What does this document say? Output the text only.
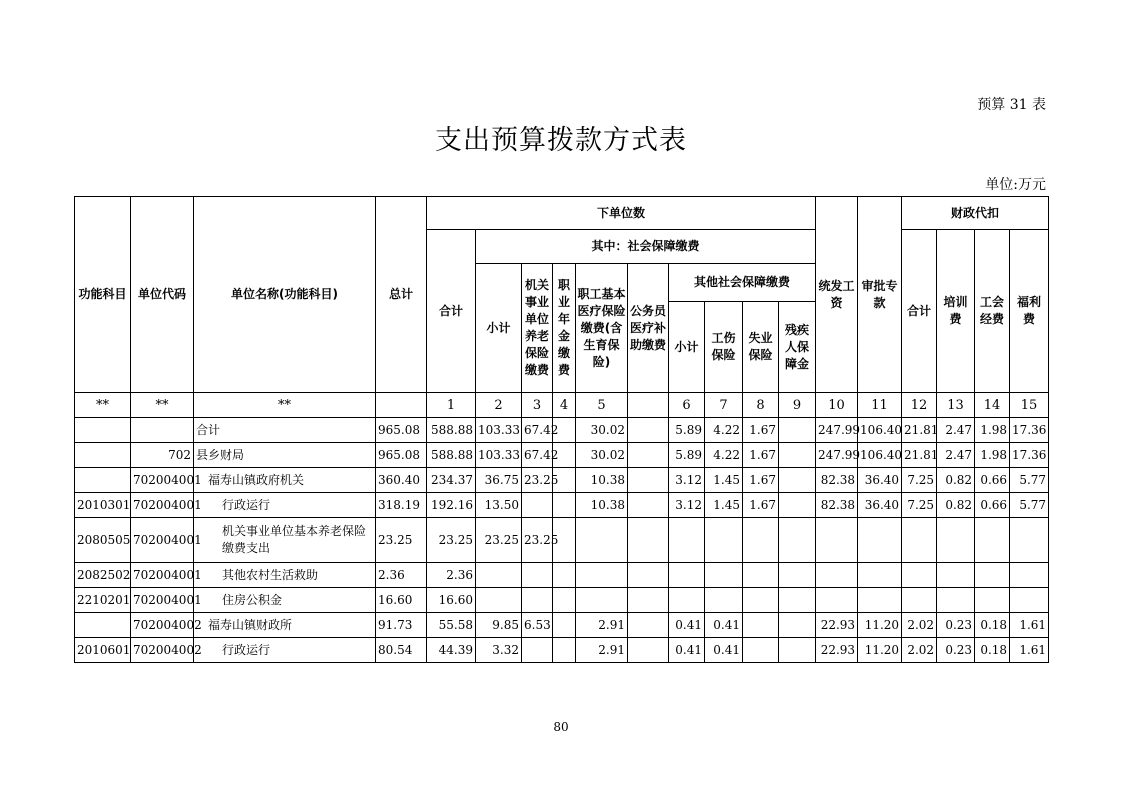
预算 31 表
支出预算拨款方式表
单位:万元
功能科目	单位代码	单位名称(功能科目)	总计	下单位数										统发工资	审批专款	财政代扣			
				合计	其中：社会保障缴费											合计	培训费	工会经费	福利费
					小计	机关事业单位养老保险缴费	职业年金缴费	职工基本医疗保险缴费(含生育保险)	公务员医疗补助缴费	其他社会保障缴费									
										小计	工伤保险	失业保险	残疾人保障金						

**	**	**		1	2	3	4	5		6	7	8	9	10	11	12	13	14	15
		合计	965.08	588.88	103.33	67.42		30.02		5.89	4.22	1.67		247.99	106.40	21.81	2.47	1.98	17.36
	702	县乡财局	965.08	588.88	103.33	67.42		30.02		5.89	4.22	1.67		247.99	106.40	21.81	2.47	1.98	17.36
	702004001	福寿山镇政府机关	360.40	234.37	36.75	23.25		10.38		3.12	1.45	1.67		82.38	36.40	7.25	0.82	0.66	5.77
2010301	702004001	行政运行	318.19	192.16	13.50			10.38		3.12	1.45	1.67		82.38	36.40	7.25	0.82	0.66	5.77
2080505	702004001	机关事业单位基本养老保险缴费支出	23.25	23.25	23.25	23.25													
2082502	702004001	其他农村生活救助	2.36	2.36															
2210201	702004001	住房公积金	16.60	16.60															
	702004002	福寿山镇财政所	91.73	55.58	9.85	6.53		2.91		0.41	0.41			22.93	11.20	2.02	0.23	0.18	1.61
2010601	702004002	行政运行	80.54	44.39	3.32			2.91		0.41	0.41			22.93	11.20	2.02	0.23	0.18	1.61
80
